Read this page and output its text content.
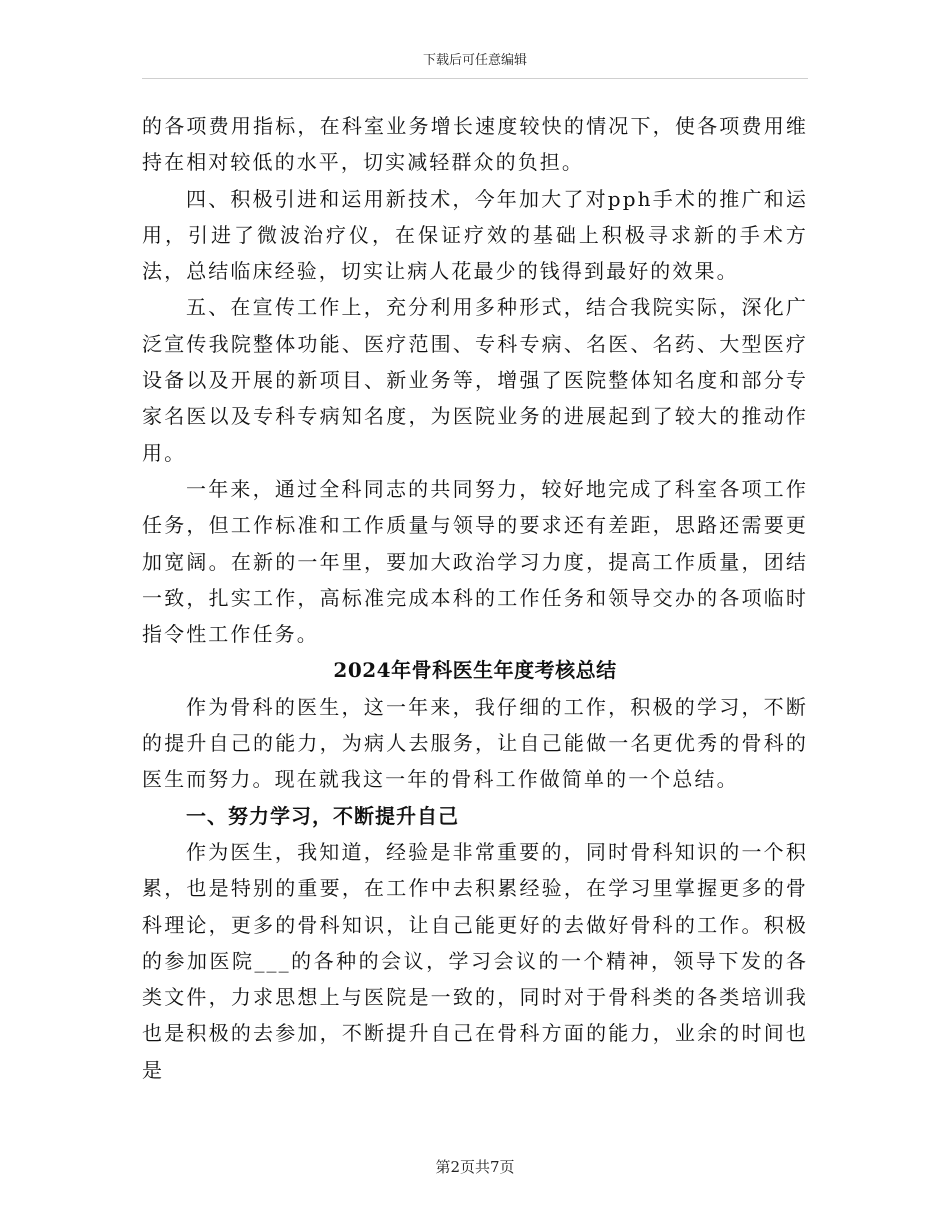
下载后可任意编辑

的各项费用指标，在科室业务增长速度较快的情况下，使各项费用维持在相对较低的水平，切实减轻群众的负担。

四、积极引进和运用新技术，今年加大了对pph手术的推广和运用，引进了微波治疗仪，在保证疗效的基础上积极寻求新的手术方法，总结临床经验，切实让病人花最少的钱得到最好的效果。

五、在宣传工作上，充分利用多种形式，结合我院实际，深化广泛宣传我院整体功能、医疗范围、专科专病、名医、名药、大型医疗设备以及开展的新项目、新业务等，增强了医院整体知名度和部分专家名医以及专科专病知名度，为医院业务的进展起到了较大的推动作用。

一年来，通过全科同志的共同努力，较好地完成了科室各项工作任务，但工作标准和工作质量与领导的要求还有差距，思路还需要更加宽阔。在新的一年里，要加大政治学习力度，提高工作质量，团结一致，扎实工作，高标准完成本科的工作任务和领导交办的各项临时指令性工作任务。

2024年骨科医生年度考核总结

作为骨科的医生，这一年来，我仔细的工作，积极的学习，不断的提升自己的能力，为病人去服务，让自己能做一名更优秀的骨科的医生而努力。现在就我这一年的骨科工作做简单的一个总结。

一、努力学习，不断提升自己

作为医生，我知道，经验是非常重要的，同时骨科知识的一个积累，也是特别的重要，在工作中去积累经验，在学习里掌握更多的骨科理论，更多的骨科知识，让自己能更好的去做好骨科的工作。积极的参加医院___的各种的会议，学习会议的一个精神，领导下发的各类文件，力求思想上与医院是一致的，同时对于骨科类的各类培训我也是积极的去参加，不断提升自己在骨科方面的能力，业余的时间也是

第2页共7页
